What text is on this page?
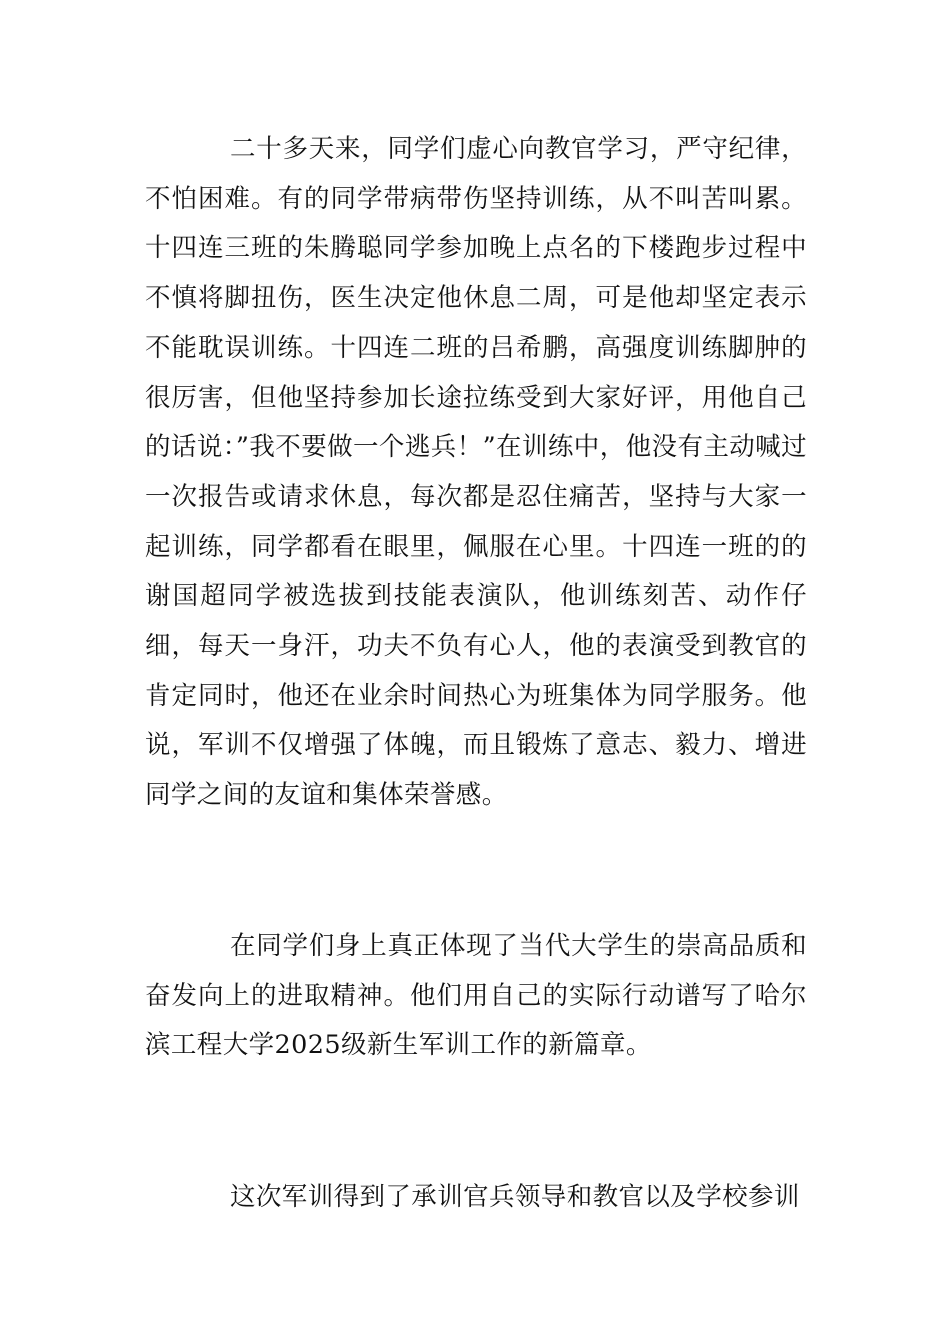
二十多天来，同学们虚心向教官学习，严守纪律，不怕困难。有的同学带病带伤坚持训练，从不叫苦叫累。十四连三班的朱腾聪同学参加晚上点名的下楼跑步过程中不慎将脚扭伤，医生决定他休息二周，可是他却坚定表示不能耽误训练。十四连二班的吕希鹏，高强度训练脚肿的很厉害，但他坚持参加长途拉练受到大家好评，用他自己的话说：”我不要做一个逃兵！”在训练中，他没有主动喊过一次报告或请求休息，每次都是忍住痛苦，坚持与大家一起训练，同学都看在眼里，佩服在心里。十四连一班的的谢国超同学被选拔到技能表演队，他训练刻苦、动作仔细，每天一身汗，功夫不负有心人，他的表演受到教官的肯定同时，他还在业余时间热心为班集体为同学服务。他说，军训不仅增强了体魄，而且锻炼了意志、毅力、增进同学之间的友谊和集体荣誉感。

在同学们身上真正体现了当代大学生的崇高品质和奋发向上的进取精神。他们用自己的实际行动谱写了哈尔滨工程大学2025级新生军训工作的新篇章。

这次军训得到了承训官兵领导和教官以及学校参训
